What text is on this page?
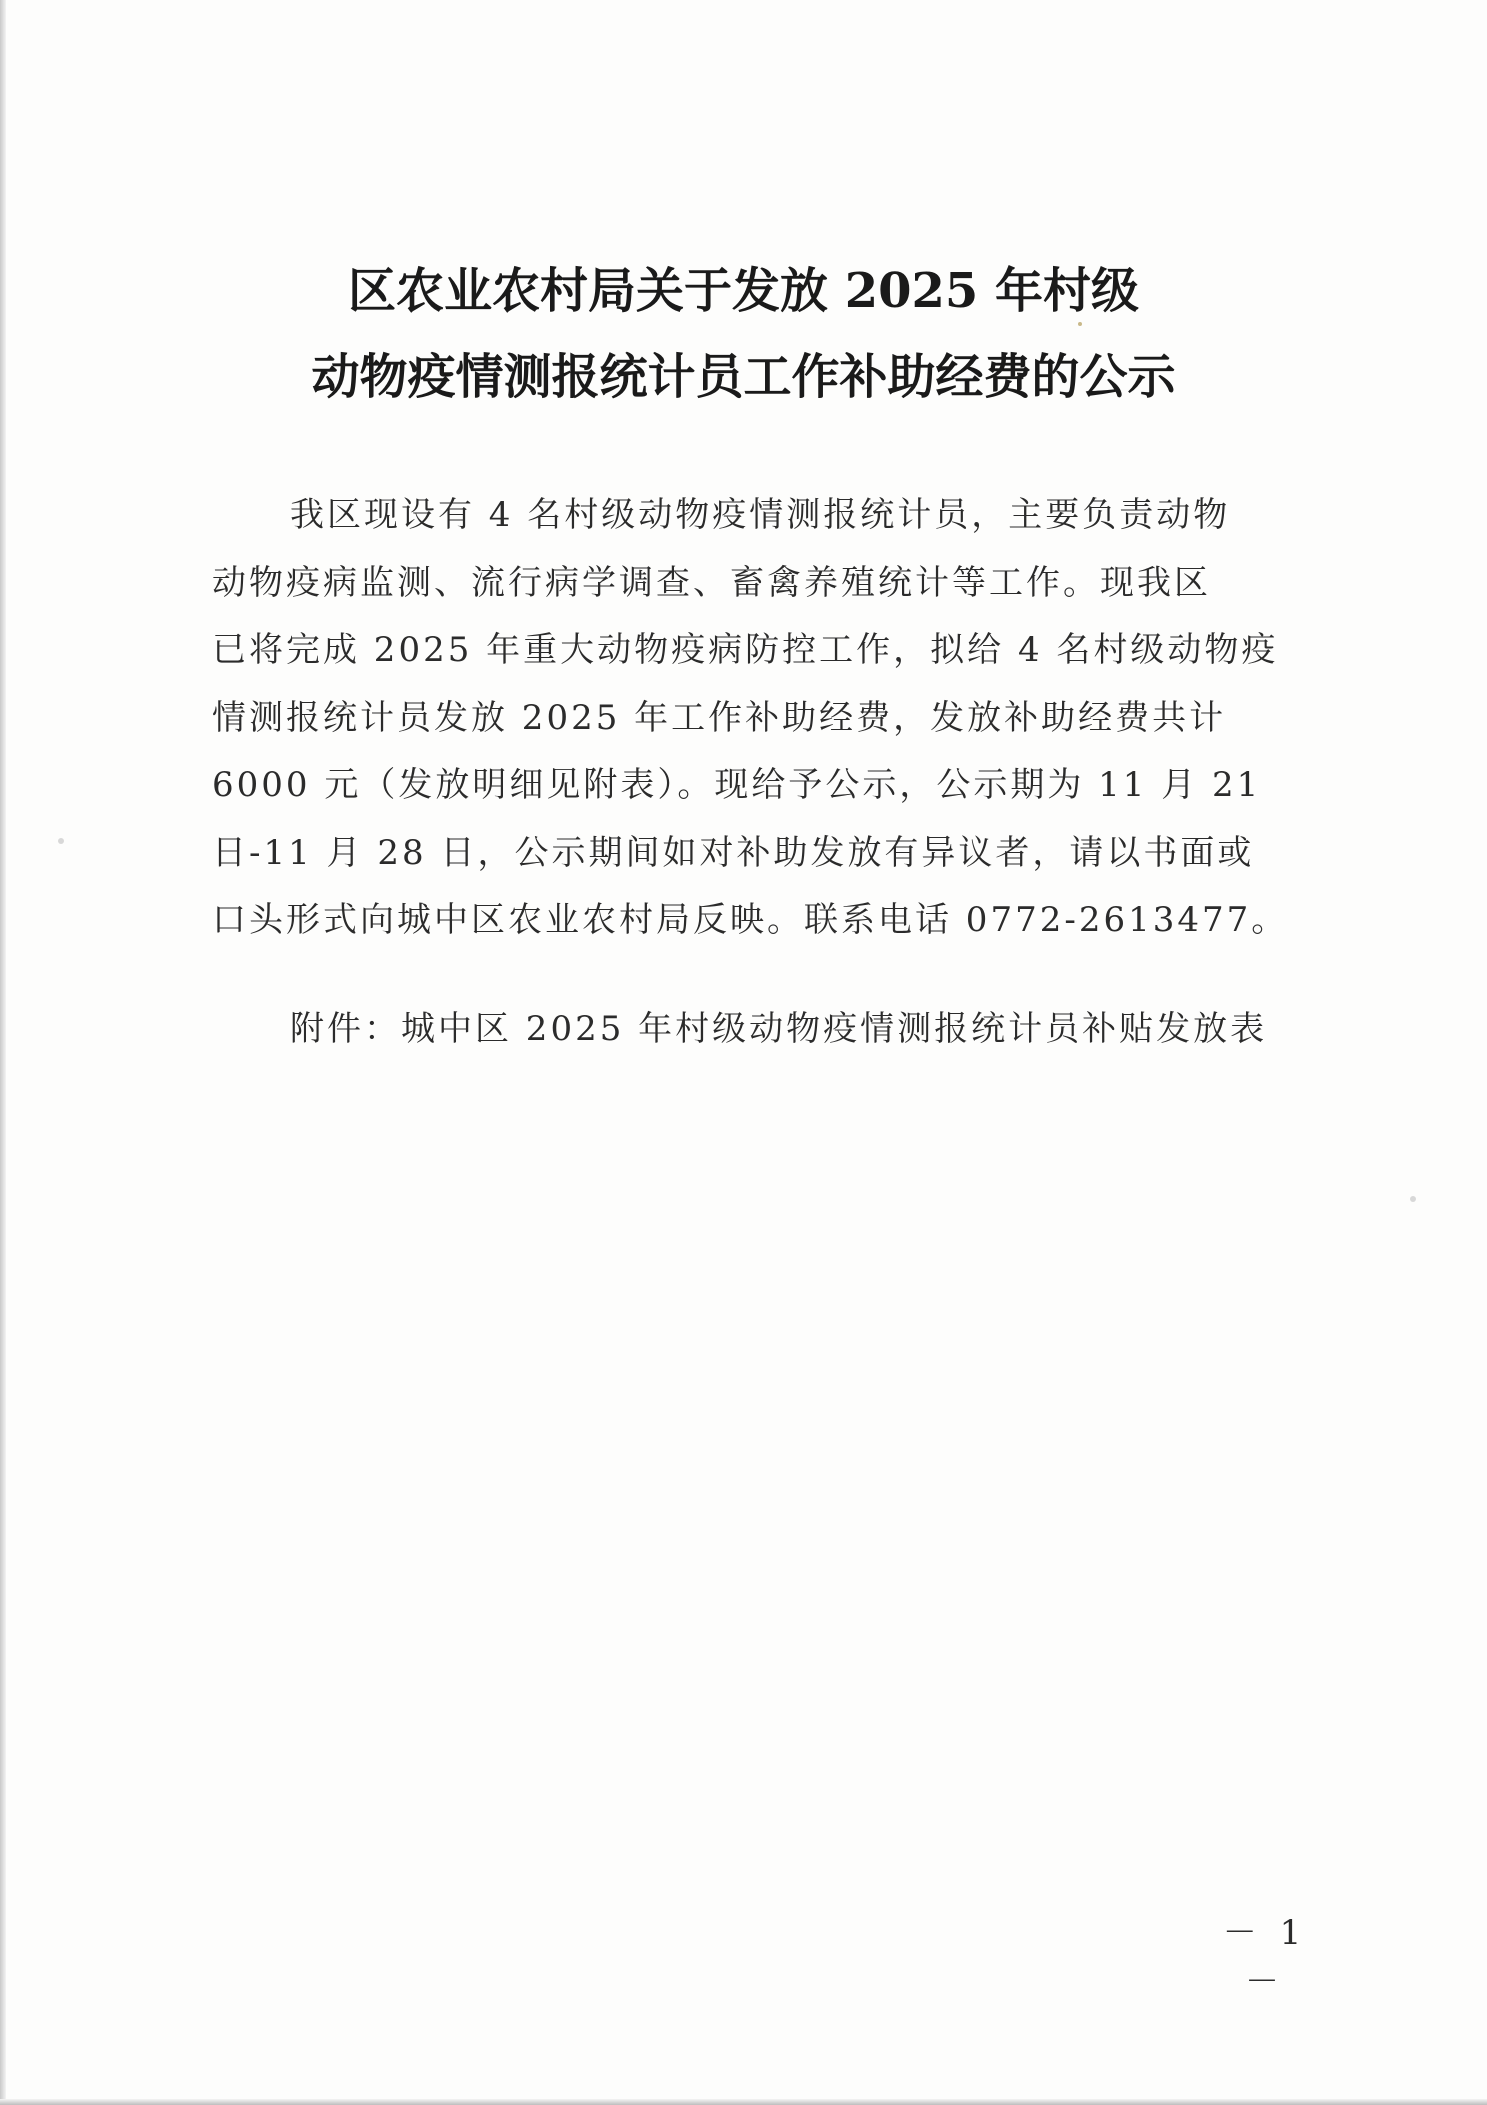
区农业农村局关于发放 2025 年村级
动物疫情测报统计员工作补助经费的公示
我区现设有 4 名村级动物疫情测报统计员，主要负责动物
动物疫病监测、流行病学调查、畜禽养殖统计等工作。现我区
已将完成 2025 年重大动物疫病防控工作，拟给 4 名村级动物疫
情测报统计员发放 2025 年工作补助经费，发放补助经费共计
6000 元（发放明细见附表）。现给予公示，公示期为 11 月 21
日-11 月 28 日，公示期间如对补助发放有异议者，请以书面或
口头形式向城中区农业农村局反映。联系电话 0772-2613477。
附件：城中区 2025 年村级动物疫情测报统计员补贴发放表
－ 1 －
